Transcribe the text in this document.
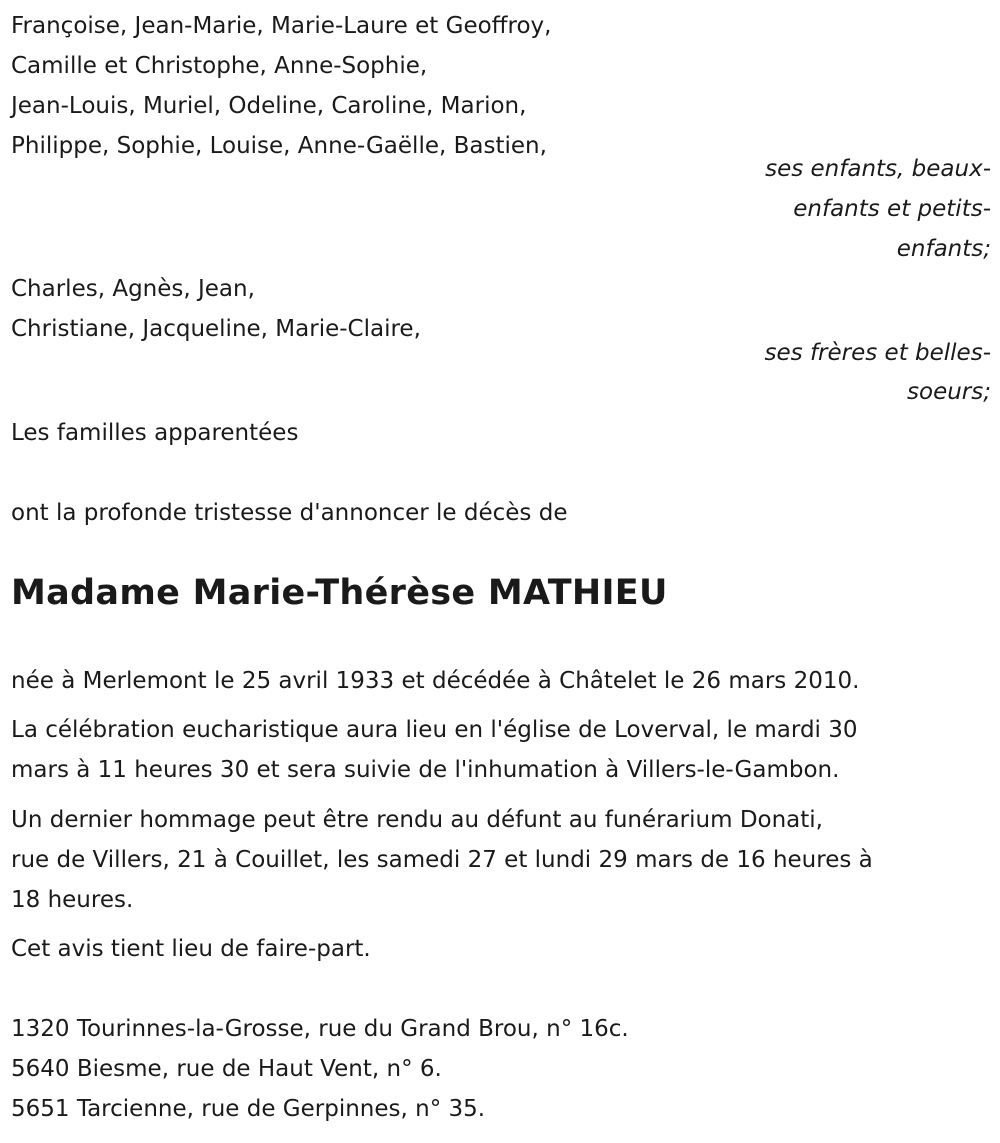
Françoise, Jean-Marie, Marie-Laure et Geoffroy,
Camille et Christophe, Anne-Sophie,
Jean-Louis, Muriel, Odeline, Caroline, Marion,
Philippe, Sophie, Louise, Anne-Gaëlle, Bastien,
ses enfants, beaux-
enfants et petits-
enfants;
Charles, Agnès, Jean,
Christiane, Jacqueline, Marie-Claire,
ses frères et belles-
soeurs;
Les familles apparentées
ont la profonde tristesse d'annoncer le décès de
Madame Marie-Thérèse MATHIEU
née à Merlemont le 25 avril 1933 et décédée à Châtelet le 26 mars 2010.
La célébration eucharistique aura lieu en l'église de Loverval, le mardi 30
mars à 11 heures 30 et sera suivie de l'inhumation à Villers-le-Gambon.
Un dernier hommage peut être rendu au défunt au funérarium Donati,
rue de Villers, 21 à Couillet, les samedi 27 et lundi 29 mars de 16 heures à
18 heures.
Cet avis tient lieu de faire-part.
1320 Tourinnes-la-Grosse, rue du Grand Brou, n° 16c.
5640 Biesme, rue de Haut Vent, n° 6.
5651 Tarcienne, rue de Gerpinnes, n° 35.
